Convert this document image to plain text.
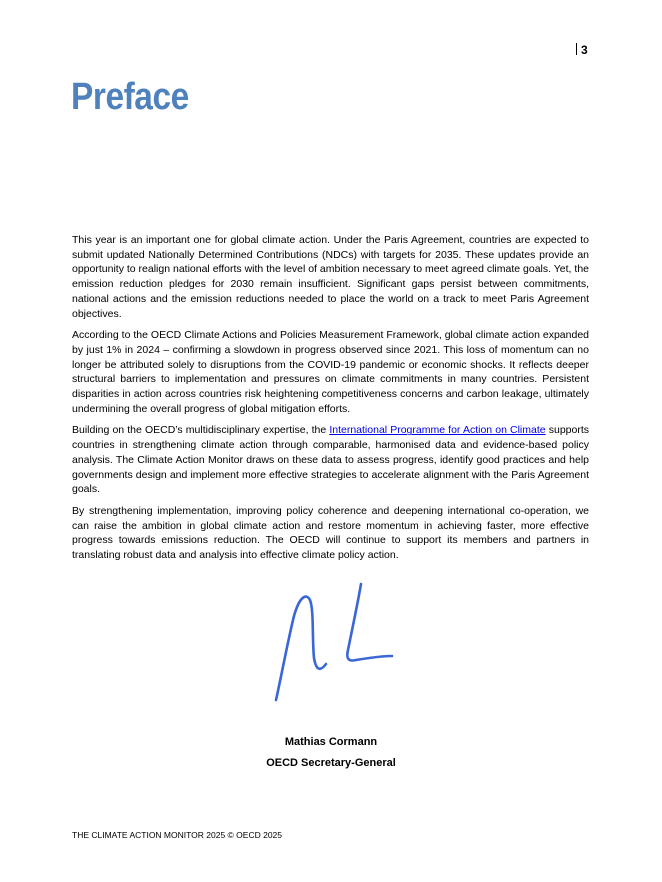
3
Preface

This year is an important one for global climate action. Under the Paris Agreement, countries are expected to submit updated Nationally Determined Contributions (NDCs) with targets for 2035. These updates provide an opportunity to realign national efforts with the level of ambition necessary to meet agreed climate goals. Yet, the emission reduction pledges for 2030 remain insufficient. Significant gaps persist between commitments, national actions and the emission reductions needed to place the world on a track to meet Paris Agreement objectives.

According to the OECD Climate Actions and Policies Measurement Framework, global climate action expanded by just 1% in 2024 – confirming a slowdown in progress observed since 2021. This loss of momentum can no longer be attributed solely to disruptions from the COVID-19 pandemic or economic shocks. It reflects deeper structural barriers to implementation and pressures on climate commitments in many countries. Persistent disparities in action across countries risk heightening competitiveness concerns and carbon leakage, ultimately undermining the overall progress of global mitigation efforts.

Building on the OECD’s multidisciplinary expertise, the International Programme for Action on Climate supports countries in strengthening climate action through comparable, harmonised data and evidence-based policy analysis. The Climate Action Monitor draws on these data to assess progress, identify good practices and help governments design and implement more effective strategies to accelerate alignment with the Paris Agreement goals.

By strengthening implementation, improving policy coherence and deepening international co-operation, we can raise the ambition in global climate action and restore momentum in achieving faster, more effective progress towards emissions reduction. The OECD will continue to support its members and partners in translating robust data and analysis into effective climate policy action.

Mathias Cormann
OECD Secretary-General
THE CLIMATE ACTION MONITOR 2025 © OECD 2025
